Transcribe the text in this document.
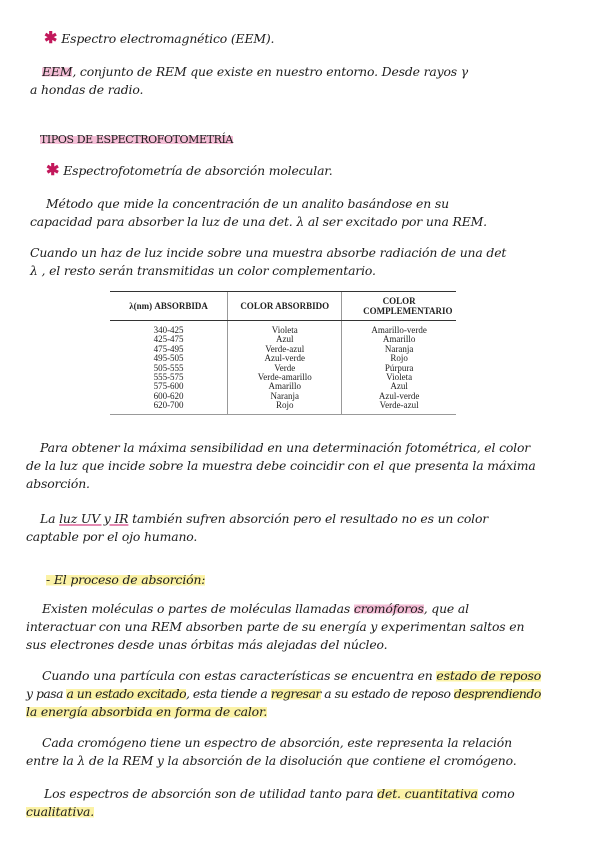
✱ Espectro electromagnético (EEM).
EEM, conjunto de REM que existe en nuestro entorno. Desde rayos γ
a hondas de radio.
TIPOS DE ESPECTROFOTOMETRÍA
✱ Espectrofotometría de absorción molecular.
Método que mide la concentración de un analito basándose en su
capacidad para absorber la luz de una det. λ al ser excitado por una REM.
Cuando un haz de luz incide sobre una muestra absorbe radiación de una det
λ , el resto serán transmitidas un color complementario.
λ(nm) ABSORBIDA	COLOR ABSORBIDO	COLOR COMPLEMENTARIO
340-425	Violeta	Amarillo-verde
425-475	Azul	Amarillo
475-495	Verde-azul	Naranja
495-505	Azul-verde	Rojo
505-555	Verde	Púrpura
555-575	Verde-amarillo	Violeta
575-600	Amarillo	Azul
600-620	Naranja	Azul-verde
620-700	Rojo	Verde-azul
Para obtener la máxima sensibilidad en una determinación fotométrica, el color
de la luz que incide sobre la muestra debe coincidir con el que presenta la máxima
absorción.
La luz UV y IR también sufren absorción pero el resultado no es un color
captable por el ojo humano.
- El proceso de absorción:
Existen moléculas o partes de moléculas llamadas cromóforos, que al
interactuar con una REM absorben parte de su energía y experimentan saltos en
sus electrones desde unas órbitas más alejadas del núcleo.
Cuando una partícula con estas características se encuentra en estado de reposo
y pasa a un estado excitado, esta tiende a regresar a su estado de reposo desprendiendo
la energía absorbida en forma de calor.
Cada cromógeno tiene un espectro de absorción, este representa la relación
entre la λ de la REM y la absorción de la disolución que contiene el cromógeno.
Los espectros de absorción son de utilidad tanto para det. cuantitativa como
cualitativa.
